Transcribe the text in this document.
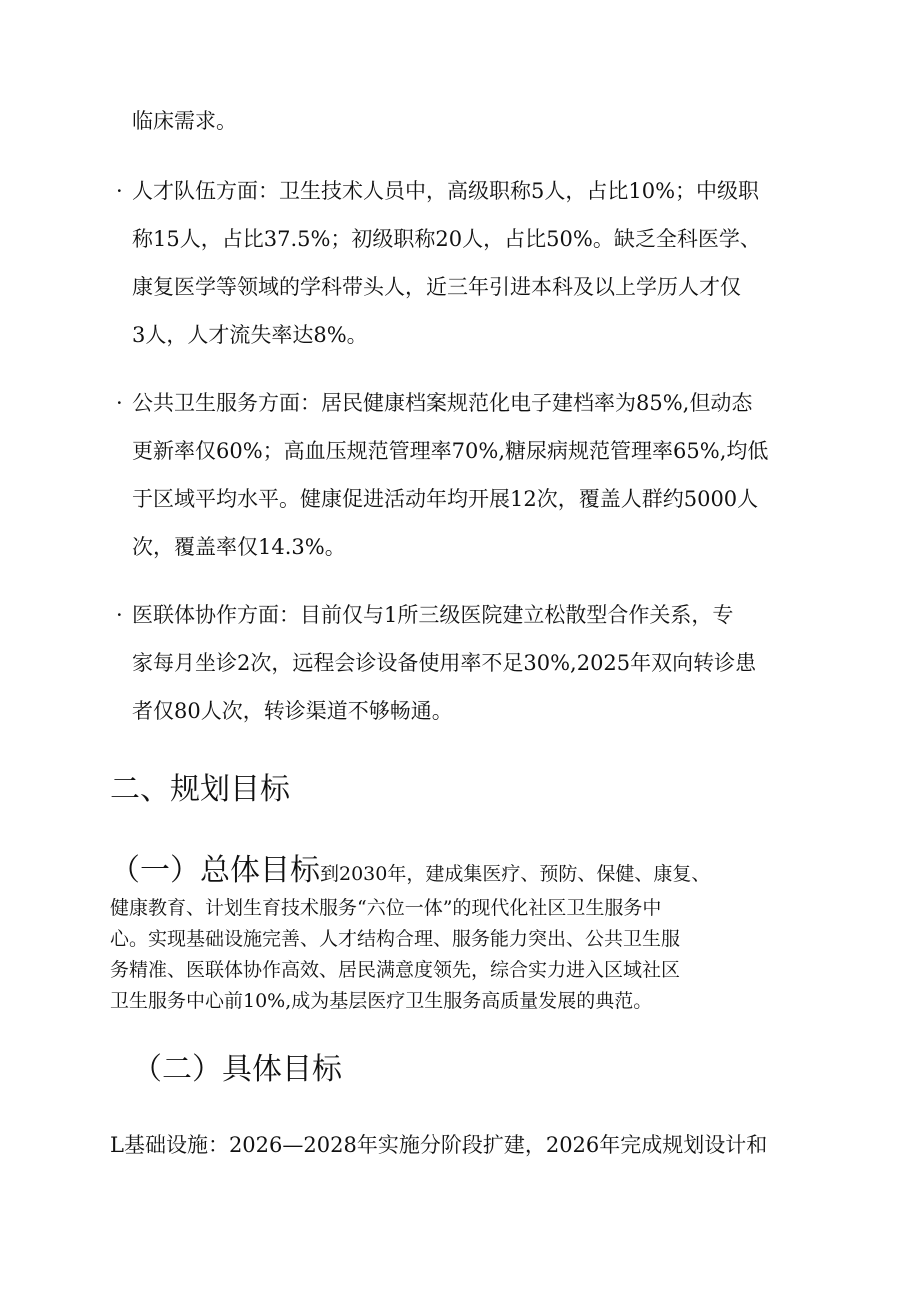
临床需求。
· 人才队伍方面：卫生技术人员中，高级职称5人，占比10%；中级职
称15人，占比37.5%；初级职称20人，占比50%。缺乏全科医学、
康复医学等领域的学科带头人，近三年引进本科及以上学历人才仅
3人，人才流失率达8%。
· 公共卫生服务方面：居民健康档案规范化电子建档率为85%,但动态
更新率仅60%；高血压规范管理率70%,糖尿病规范管理率65%,均低
于区域平均水平。健康促进活动年均开展12次，覆盖人群约5000人
次，覆盖率仅14.3%。
· 医联体协作方面：目前仅与1所三级医院建立松散型合作关系，专
家每月坐诊2次，远程会诊设备使用率不足30%,2025年双向转诊患
者仅80人次，转诊渠道不够畅通。
二、规划目标
（一）总体目标到2030年，建成集医疗、预防、保健、康复、
健康教育、计划生育技术服务“六位一体”的现代化社区卫生服务中
心。实现基础设施完善、人才结构合理、服务能力突出、公共卫生服
务精准、医联体协作高效、居民满意度领先，综合实力进入区域社区
卫生服务中心前10%,成为基层医疗卫生服务高质量发展的典范。
（二）具体目标
L基础设施：2026—2028年实施分阶段扩建，2026年完成规划设计和
